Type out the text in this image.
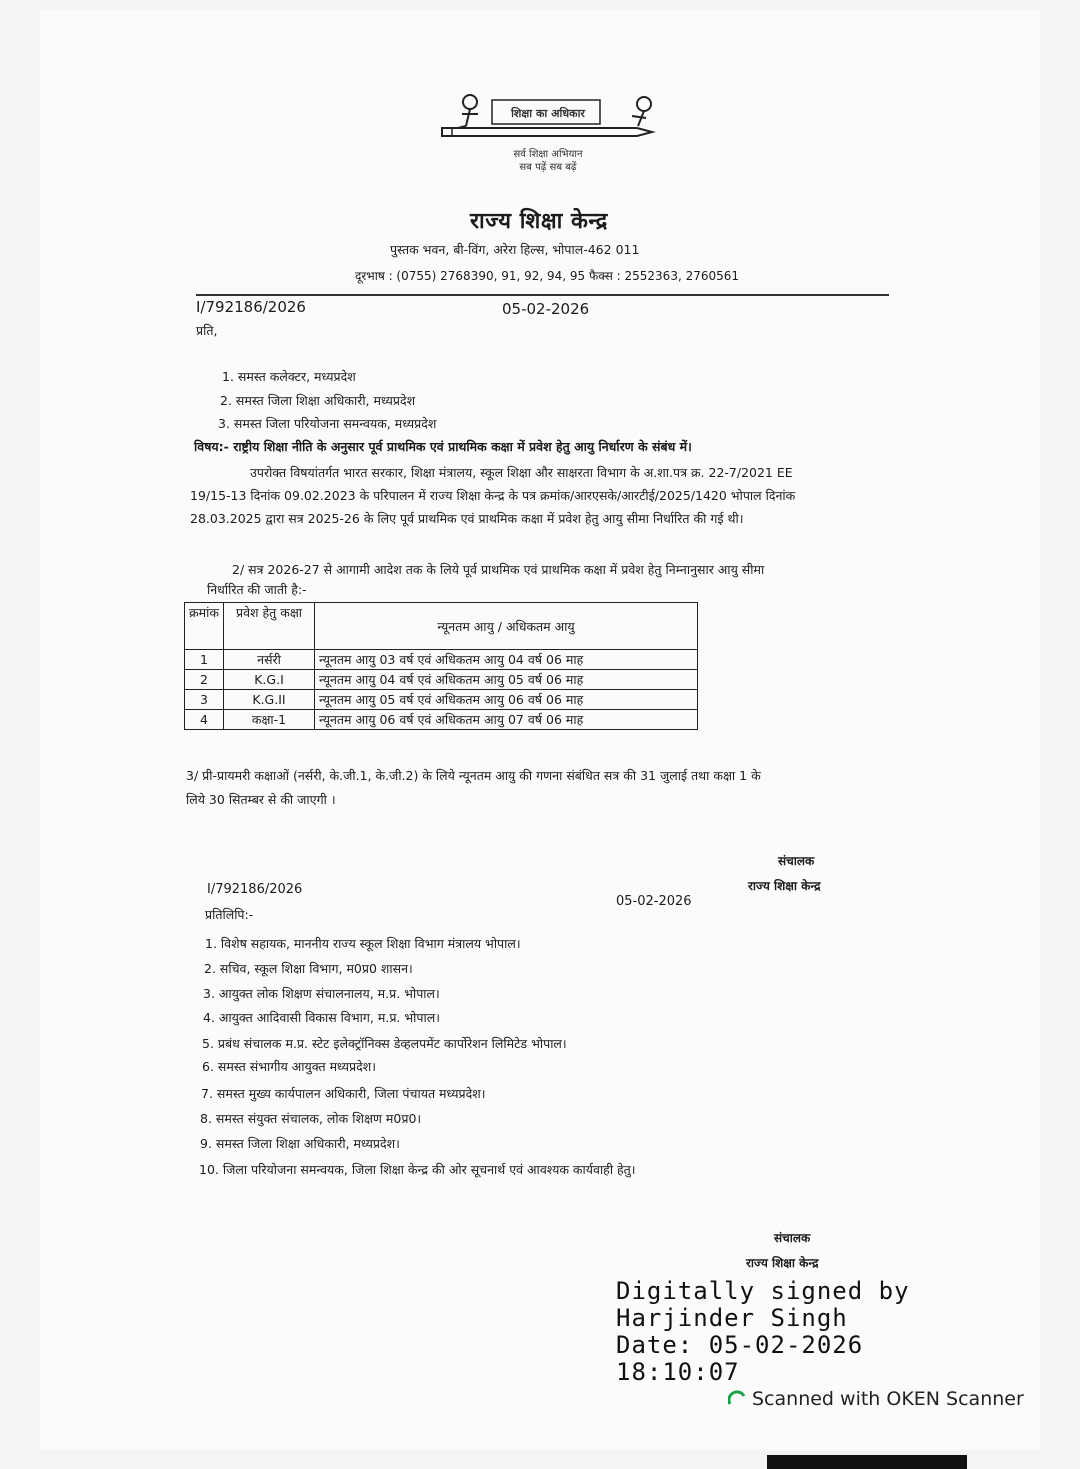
शिक्षा का अधिकार
सर्व शिक्षा अभियान
सब पढ़ें सब बढ़ें
राज्य शिक्षा केन्द्र
पुस्तक भवन, बी-विंग, अरेरा हिल्स, भोपाल-462 011
दूरभाष : (0755) 2768390, 91, 92, 94, 95 फैक्स : 2552363, 2760561
I/792186/2026	05-02-2026
प्रति,
1. समस्त कलेक्टर, मध्यप्रदेश
2. समस्त जिला शिक्षा अधिकारी, मध्यप्रदेश
3. समस्त जिला परियोजना समन्वयक, मध्यप्रदेश
विषय:- राष्ट्रीय शिक्षा नीति के अनुसार पूर्व प्राथमिक एवं प्राथमिक कक्षा में प्रवेश हेतु आयु निर्धारण के संबंध में।
उपरोक्त विषयांतर्गत भारत सरकार, शिक्षा मंत्रालय, स्कूल शिक्षा और साक्षरता विभाग के अ.शा.पत्र क्र. 22-7/2021 EE
19/15-13 दिनांक 09.02.2023 के परिपालन में राज्य शिक्षा केन्द्र के पत्र क्रमांक/आरएसके/आरटीई/2025/1420 भोपाल दिनांक
28.03.2025 द्वारा सत्र 2025-26 के लिए पूर्व प्राथमिक एवं प्राथमिक कक्षा में प्रवेश हेतु आयु सीमा निर्धारित की गई थी।
2/ सत्र 2026-27 से आगामी आदेश तक के लिये पूर्व प्राथमिक एवं प्राथमिक कक्षा में प्रवेश हेतु निम्नानुसार आयु सीमा
निर्धारित की जाती है:-
क्रमांक	प्रवेश हेतु कक्षा	न्यूनतम आयु / अधिकतम आयु
1	नर्सरी	न्यूनतम आयु 03 वर्ष एवं अधिकतम आयु 04 वर्ष 06 माह
2	K.G.I	न्यूनतम आयु 04 वर्ष एवं अधिकतम आयु 05 वर्ष 06 माह
3	K.G.II	न्यूनतम आयु 05 वर्ष एवं अधिकतम आयु 06 वर्ष 06 माह
4	कक्षा-1	न्यूनतम आयु 06 वर्ष एवं अधिकतम आयु 07 वर्ष 06 माह
3/ प्री-प्रायमरी कक्षाओं (नर्सरी, के.जी.1, के.जी.2) के लिये न्यूनतम आयु की गणना संबंधित सत्र की 31 जुलाई तथा कक्षा 1 के
लिये 30 सितम्बर से की जाएगी ।
संचालक
राज्य शिक्षा केन्द्र
I/792186/2026
05-02-2026
प्रतिलिपि:-
1. विशेष सहायक, माननीय राज्य स्कूल शिक्षा विभाग मंत्रालय भोपाल।
2. सचिव, स्कूल शिक्षा विभाग, म0प्र0 शासन।
3. आयुक्त लोक शिक्षण संचालनालय, म.प्र. भोपाल।
4. आयुक्त आदिवासी विकास विभाग, म.प्र. भोपाल।
5. प्रबंध संचालक म.प्र. स्टेट इलेक्ट्रॉनिक्स डेव्हलपमेंट कार्पोरेशन लिमिटेड भोपाल।
6. समस्त संभागीय आयुक्त मध्यप्रदेश।
7. समस्त मुख्य कार्यपालन अधिकारी, जिला पंचायत मध्यप्रदेश।
8. समस्त संयुक्त संचालक, लोक शिक्षण म0प्र0।
9. समस्त जिला शिक्षा अधिकारी, मध्यप्रदेश।
10. जिला परियोजना समन्वयक, जिला शिक्षा केन्द्र की ओर सूचनार्थ एवं आवश्यक कार्यवाही हेतु।
संचालक
राज्य शिक्षा केन्द्र
Digitally signed by
Harjinder Singh
Date: 05-02-2026
18:10:07
Scanned with OKEN Scanner
